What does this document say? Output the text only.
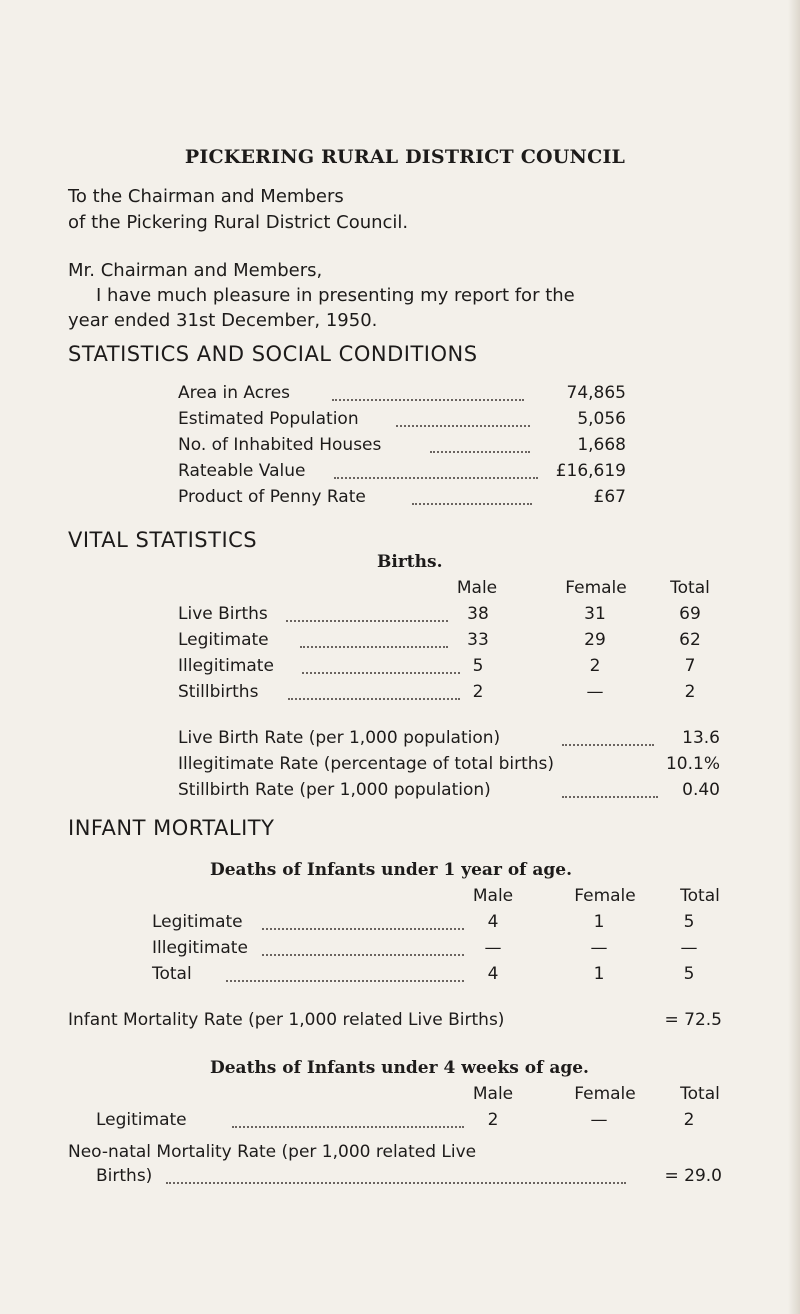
PICKERING RURAL DISTRICT COUNCIL
To the Chairman and Members
of the Pickering Rural District Council.
Mr. Chairman and Members,
I have much pleasure in presenting my report for the
year ended 31st December, 1950.
STATISTICS AND SOCIAL CONDITIONS
Area in Acres	74,865
Estimated Population	5,056
No. of Inhabited Houses	1,668
Rateable Value	£16,619
Product of Penny Rate	£67
VITAL STATISTICS
Births.
Male	Female	Total
Live Births	38	31	69
Legitimate	33	29	62
Illegitimate	5	2	7
Stillbirths	2	—	2
Live Birth Rate (per 1,000 population)	13.6
Illegitimate Rate (percentage of total births)	10.1%
Stillbirth Rate (per 1,000 population)	0.40
INFANT MORTALITY
Deaths of Infants under 1 year of age.
Male	Female	Total
Legitimate	4	1	5
Illegitimate	—	—	—
Total	4	1	5
Infant Mortality Rate (per 1,000 related Live Births)	= 72.5
Deaths of Infants under 4 weeks of age.
Male	Female	Total
Legitimate	2	—	2
Neo-natal Mortality Rate (per 1,000 related Live
Births)	= 29.0
